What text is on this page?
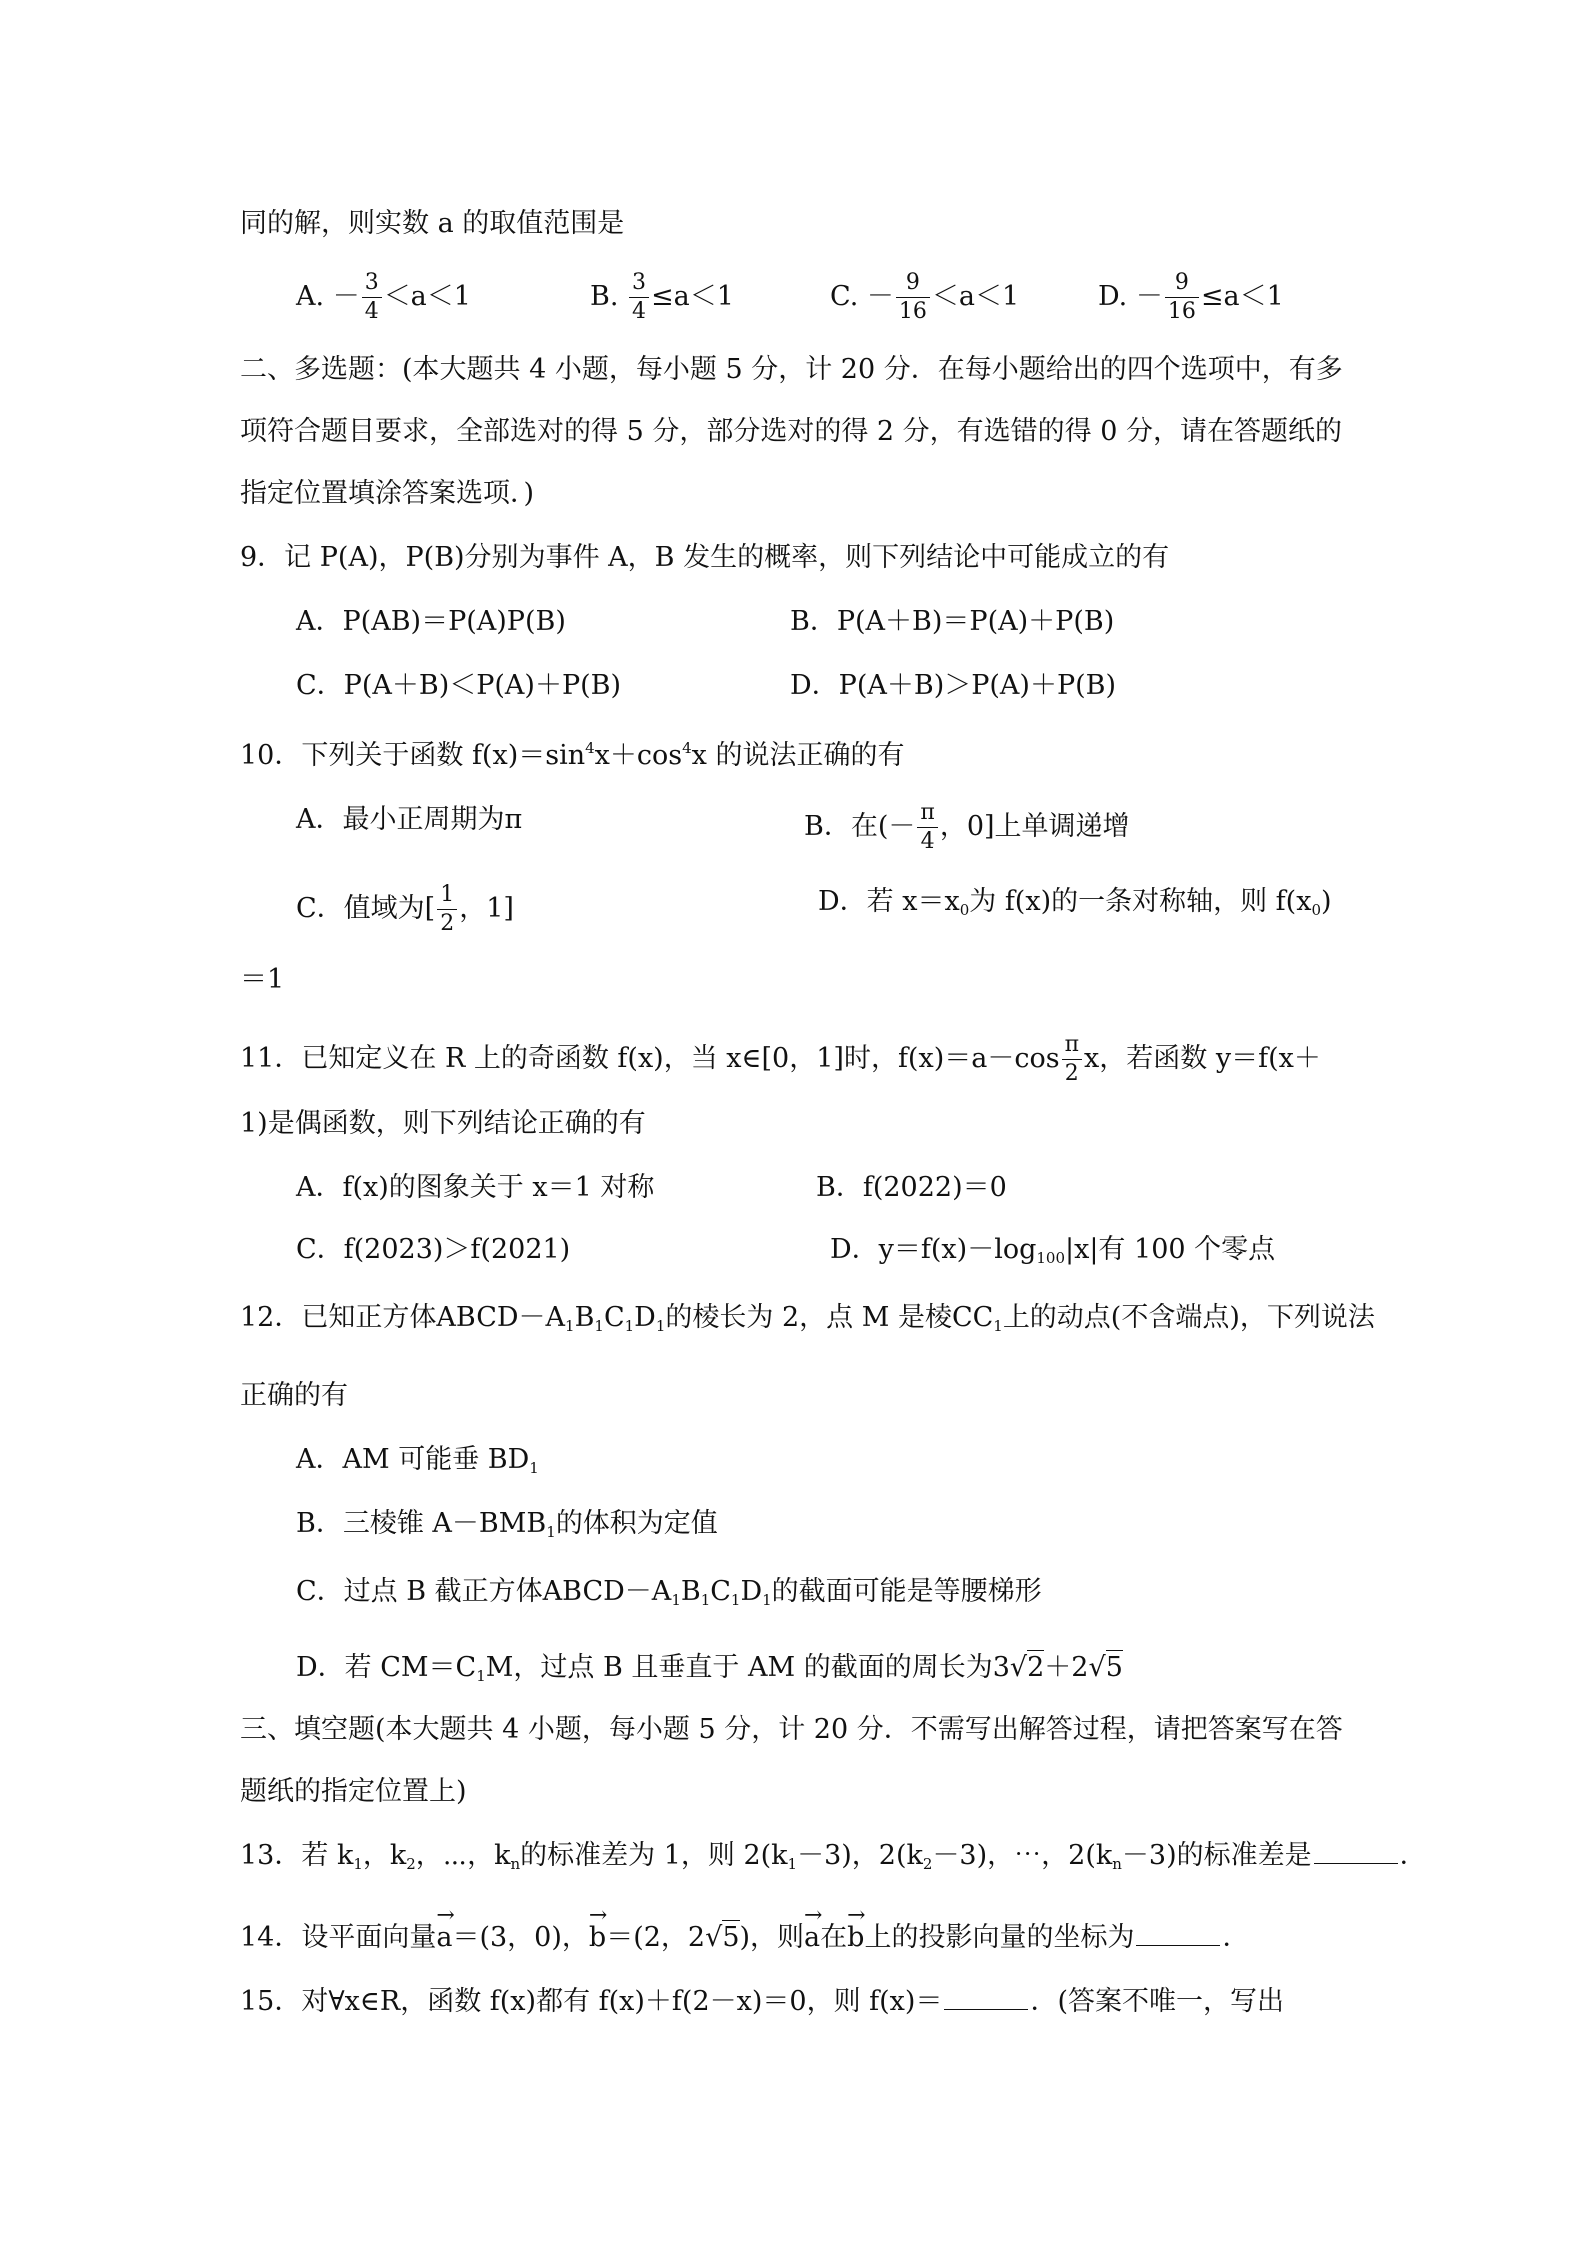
同的解，则实数 a 的取值范围是
A. － $\frac{3}{4} <a<1$	B. $\frac{3}{4} \le a<1$	C. － $\frac{9}{16} <a<1$	D. － $\frac{9}{16} \le a<1$
二、多选题：(本大题共 4 小题，每小题 5 分，计 20 分．在每小题给出的四个选项中，有多
项符合题目要求，全部选对的得 5 分，部分选对的得 2 分，有选错的得 0 分，请在答题纸的
指定位置填涂答案选项．)
9．记 P(A)，P(B)分别为事件 A，B 发生的概率，则下列结论中可能成立的有
A．P(AB)＝P(A)P(B)	B．P(A＋B)＝P(A)＋P(B)
C．P(A＋B)＜P(A)＋P(B)	D．P(A＋B)＞P(A)＋P(B)
10．下列关于函数 $f(x)=\sin^4x+\cos^4x$ 的说法正确的有
A．最小正周期为π	B．在(－ $\frac{\pi}{4}$ ，0]上单调递增
C．值域为[ $\frac{1}{2}$ ，1]	D．若 $x=x_0$为 f(x)的一条对称轴，则 $f(x_0)$
＝1
11．已知定义在 R 上的奇函数 f(x)，当 x∈[0，1]时，$f(x)=a-\cos \frac{\pi}{2}$ x，若函数 y＝f(x＋
1)是偶函数，则下列结论正确的有
A．f(x)的图象关于 x＝1 对称	B．f(2022)＝0
C．f(2023)＞f(2021)	D．$y=f(x)-\log_{100}|x|$有 100 个零点
12．已知正方体$ABCD-A_1B_1C_1D_1$的棱长为 2，点 M 是棱$CC_1$上的动点(不含端点)，下列说法
正确的有
A．AM 可能垂 $BD_1$
B．三棱锥 $A-BMB_1$的体积为定值
C．过点 B 截正方体$ABCD-A_1B_1C_1D_1$的截面可能是等腰梯形
D．若 $CM=C_1M$，过点 B 且垂直于 AM 的截面的周长为3√2＋2√5
三、填空题(本大题共 4 小题，每小题 5 分，计 20 分．不需写出解答过程，请把答案写在答
题纸的指定位置上)
13．若 $k_1$，$k_2$，⋯，$k_n$的标准差为 1，则 $2(k_1-3)$，$2(k_2-3)$，⋯，$2(k_n-3)$的标准差是	．
14．设平面向量→ a＝(3，0)，→ b＝(2，2√5)，则→ a在→ b上的投影向量的坐标为	．
15．对∀x∈R，函数 f(x)都有 f(x)＋f(2－x)＝0，则 f(x)＝	．(答案不唯一，写出
